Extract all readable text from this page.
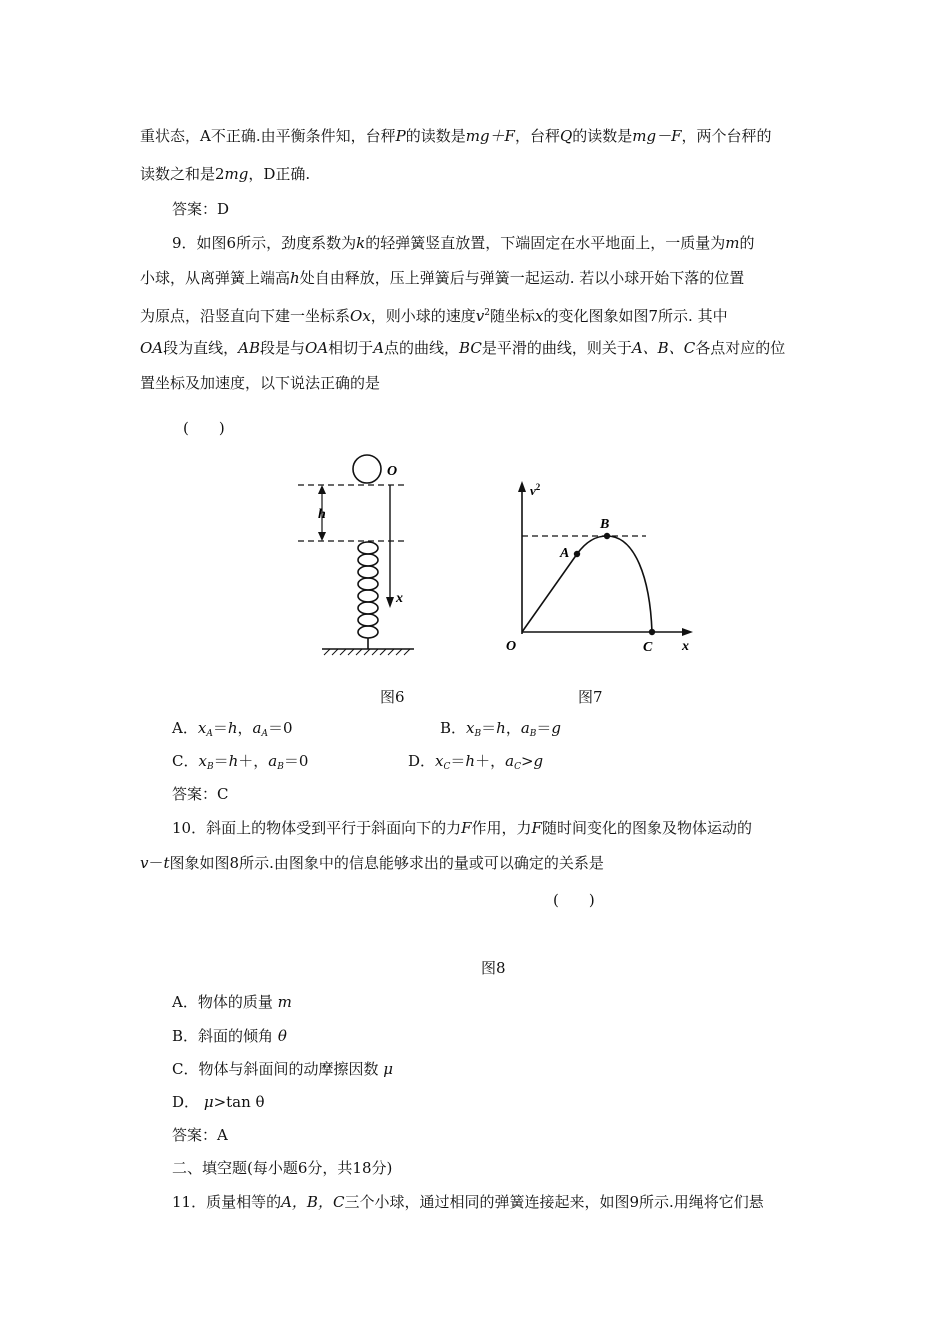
重状态，A不正确.由平衡条件知，台秤P的读数是mg＋F，台秤Q的读数是mg－F，两个台秤的
读数之和是2mg，D正确.
答案：D
9．如图6所示，劲度系数为k的轻弹簧竖直放置，下端固定在水平地面上，一质量为m的
小球，从离弹簧上端高h处自由释放，压上弹簧后与弹簧一起运动. 若以小球开始下落的位置
为原点，沿竖直向下建一坐标系Ox，则小球的速度$v^2$随坐标x的变化图象如图7所示. 其中
OA段为直线，AB段是与OA相切于A点的曲线，BC是平滑的曲线，则关于A、B、C各点对应的位
置坐标及加速度，以下说法正确的是
(　　)
O
h
x
$v^2$
x
O
A
B
C
图6	图7
A．$x_A=h$，$a_A=0$	B．$x_B=h$，$a_B=g$
C．$x_B=h+$，$a_B=0$	D．$x_C=h+$，$a_C>g$
答案：C
10．斜面上的物体受到平行于斜面向下的力F作用，力F随时间变化的图象及物体运动的
v－t图象如图8所示.由图象中的信息能够求出的量或可以确定的关系是
(　　)
图8
A．物体的质量 m
B．斜面的倾角 θ
C．物体与斜面间的动摩擦因数 μ
D． μ>tan θ
答案：A
二、填空题(每小题6分，共18分)
11．质量相等的A，B，C三个小球，通过相同的弹簧连接起来，如图9所示.用绳将它们悬
